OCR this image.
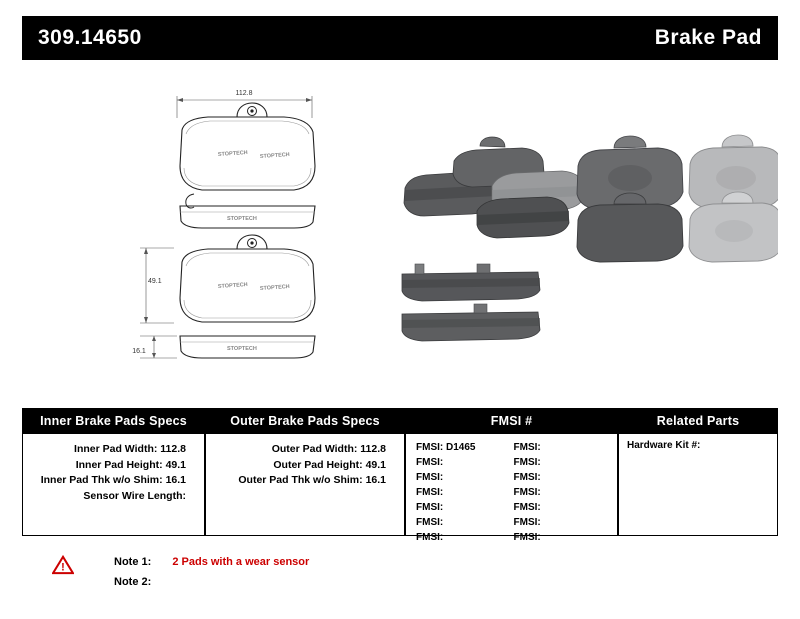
309.14650	Brake Pad
112.8
STOPTECH STOPTECH
STOPTECH
49.1
STOPTECH STOPTECH
STOPTECH
16.1
Inner Brake Pads Specs
Inner Pad Width: 112.8
Inner Pad Height: 49.1
Inner Pad Thk w/o Shim: 16.1
Sensor Wire Length:
Outer Brake Pads Specs
Outer Pad Width: 112.8
Outer Pad Height: 49.1
Outer Pad Thk w/o Shim: 16.1
FMSI #
FMSI: D1465	FMSI:
FMSI:	FMSI:
FMSI:	FMSI:
FMSI:	FMSI:
FMSI:	FMSI:
FMSI:	FMSI:
FMSI:	FMSI:
Related Parts
Hardware Kit #:
!	Note 1: 2 Pads with a wear sensor
Note 2:
